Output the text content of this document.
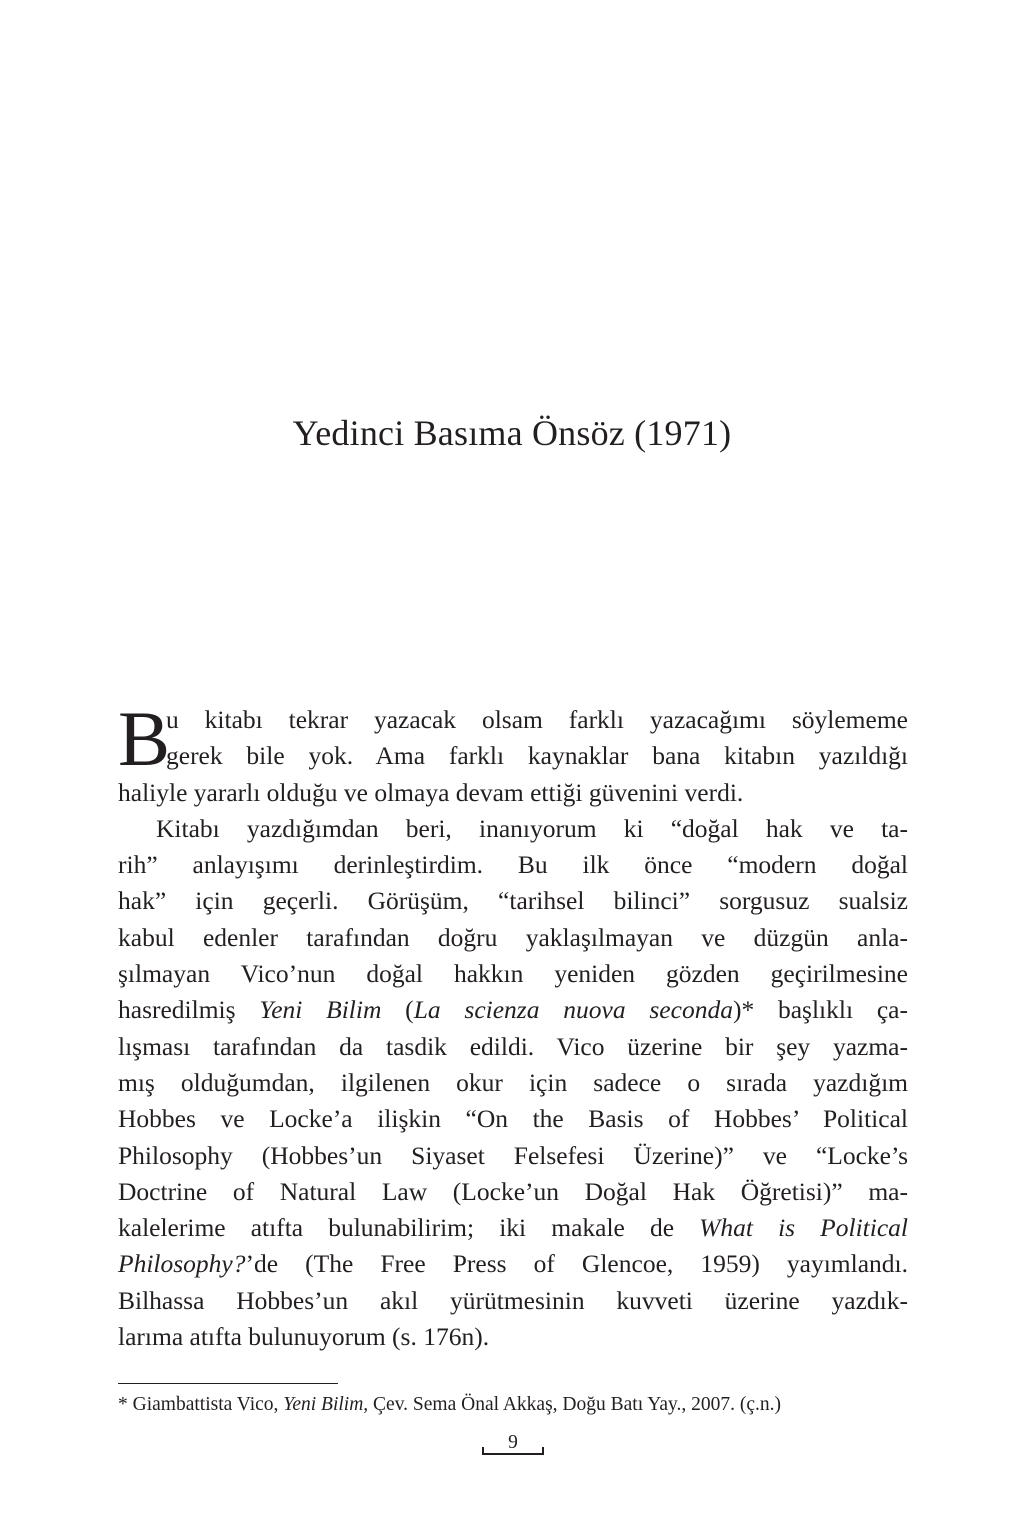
Yedinci Basıma Önsöz (1971)
B
u kitabı tekrar yazacak olsam farklı yazacağımı söylememe
gerek bile yok. Ama farklı kaynaklar bana kitabın yazıldığı
haliyle yararlı olduğu ve olmaya devam ettiği güvenini verdi.
Kitabı yazdığımdan beri, inanıyorum ki “doğal hak ve ta-
rih” anlayışımı derinleştirdim. Bu ilk önce “modern doğal
hak” için geçerli. Görüşüm, “tarihsel bilinci” sorgusuz sualsiz
kabul edenler tarafından doğru yaklaşılmayan ve düzgün anla-
şılmayan Vico’nun doğal hakkın yeniden gözden geçirilmesine
hasredilmiş Yeni Bilim (La scienza nuova seconda)* başlıklı ça-
lışması tarafından da tasdik edildi. Vico üzerine bir şey yazma-
mış olduğumdan, ilgilenen okur için sadece o sırada yazdığım
Hobbes ve Locke’a ilişkin “On the Basis of Hobbes’ Political
Philosophy (Hobbes’un Siyaset Felsefesi Üzerine)” ve “Locke’s
Doctrine of Natural Law (Locke’un Doğal Hak Öğretisi)” ma-
kalelerime atıfta bulunabilirim; iki makale de What is Political
Philosophy?’de (The Free Press of Glencoe, 1959) yayımlandı.
Bilhassa Hobbes’un akıl yürütmesinin kuvveti üzerine yazdık-
larıma atıfta bulunuyorum (s. 176n).
* Giambattista Vico, Yeni Bilim, Çev. Sema Önal Akkaş, Doğu Batı Yay., 2007. (ç.n.)
9
